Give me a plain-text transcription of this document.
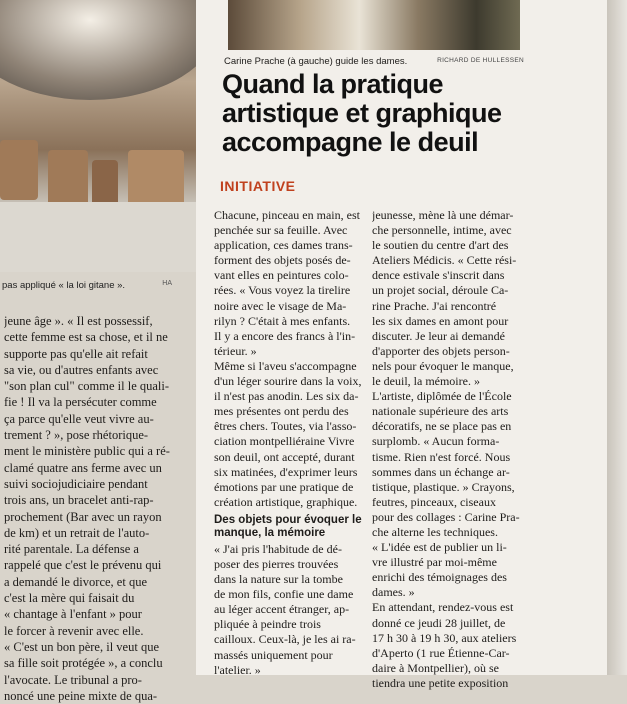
pas appliqué « la loi gitane ».	HA

jeune âge ». « Il est possessif,

cette femme est sa chose, et il ne

supporte pas qu'elle ait refait

sa vie, ou d'autres enfants avec

"son plan cul" comme il le quali-

fie ! Il va la persécuter comme

ça parce qu'elle veut vivre au-

trement ? », pose rhétorique-

ment le ministère public qui a ré-

clamé quatre ans ferme avec un

suivi sociojudiciaire pendant

trois ans, un bracelet anti-rap-

prochement (Bar avec un rayon

de km) et un retrait de l'auto-

rité parentale. La défense a

rappelé que c'est le prévenu qui

a demandé le divorce, et que

c'est la mère qui faisait du

« chantage à l'enfant » pour

le forcer à revenir avec elle.

« C'est un bon père, il veut que

sa fille soit protégée », a conclu

l'avocate. Le tribunal a pro-

noncé une peine mixte de qua-

Carine Prache (à gauche) guide les dames.	RICHARD DE HULLESSEN
Quand la pratique artistique et graphique accompagne le deuil
INITIATIVE

Chacune, pinceau en main, est

penchée sur sa feuille. Avec

application, ces dames trans-

forment des objets posés de-

vant elles en peintures colo-

rées. « Vous voyez la tirelire

noire avec le visage de Ma-

rilyn ? C'était à mes enfants.

Il y a encore des francs à l'in-

térieur. »

Même si l'aveu s'accompagne

d'un léger sourire dans la voix,

il n'est pas anodin. Les six da-

mes présentes ont perdu des

êtres chers. Toutes, via l'asso-

ciation montpelliéraine Vivre

son deuil, ont accepté, durant

six matinées, d'exprimer leurs

émotions par une pratique de

création artistique, graphique.

Des objets pour évoquer le manque, la mémoire

« J'ai pris l'habitude de dé-

poser des pierres trouvées

dans la nature sur la tombe

de mon fils, confie une dame

au léger accent étranger, ap-

pliquée à peindre trois

cailloux. Ceux-là, je les ai ra-

massés uniquement pour

l'atelier. »

jeunesse, mène là une démar-

che personnelle, intime, avec

le soutien du centre d'art des

Ateliers Médicis. « Cette rési-

dence estivale s'inscrit dans

un projet social, déroule Ca-

rine Prache. J'ai rencontré

les six dames en amont pour

discuter. Je leur ai demandé

d'apporter des objets person-

nels pour évoquer le manque,

le deuil, la mémoire. »

L'artiste, diplômée de l'École

nationale supérieure des arts

décoratifs, ne se place pas en

surplomb. « Aucun forma-

tisme. Rien n'est forcé. Nous

sommes dans un échange ar-

tistique, plastique. » Crayons,

feutres, pinceaux, ciseaux

pour des collages : Carine Pra-

che alterne les techniques.

« L'idée est de publier un li-

vre illustré par moi-même

enrichi des témoignages des

dames. »

En attendant, rendez-vous est

donné ce jeudi 28 juillet, de

17 h 30 à 19 h 30, aux ateliers

d'Aperto (1 rue Étienne-Car-

daire à Montpellier), où se

tiendra une petite exposition
